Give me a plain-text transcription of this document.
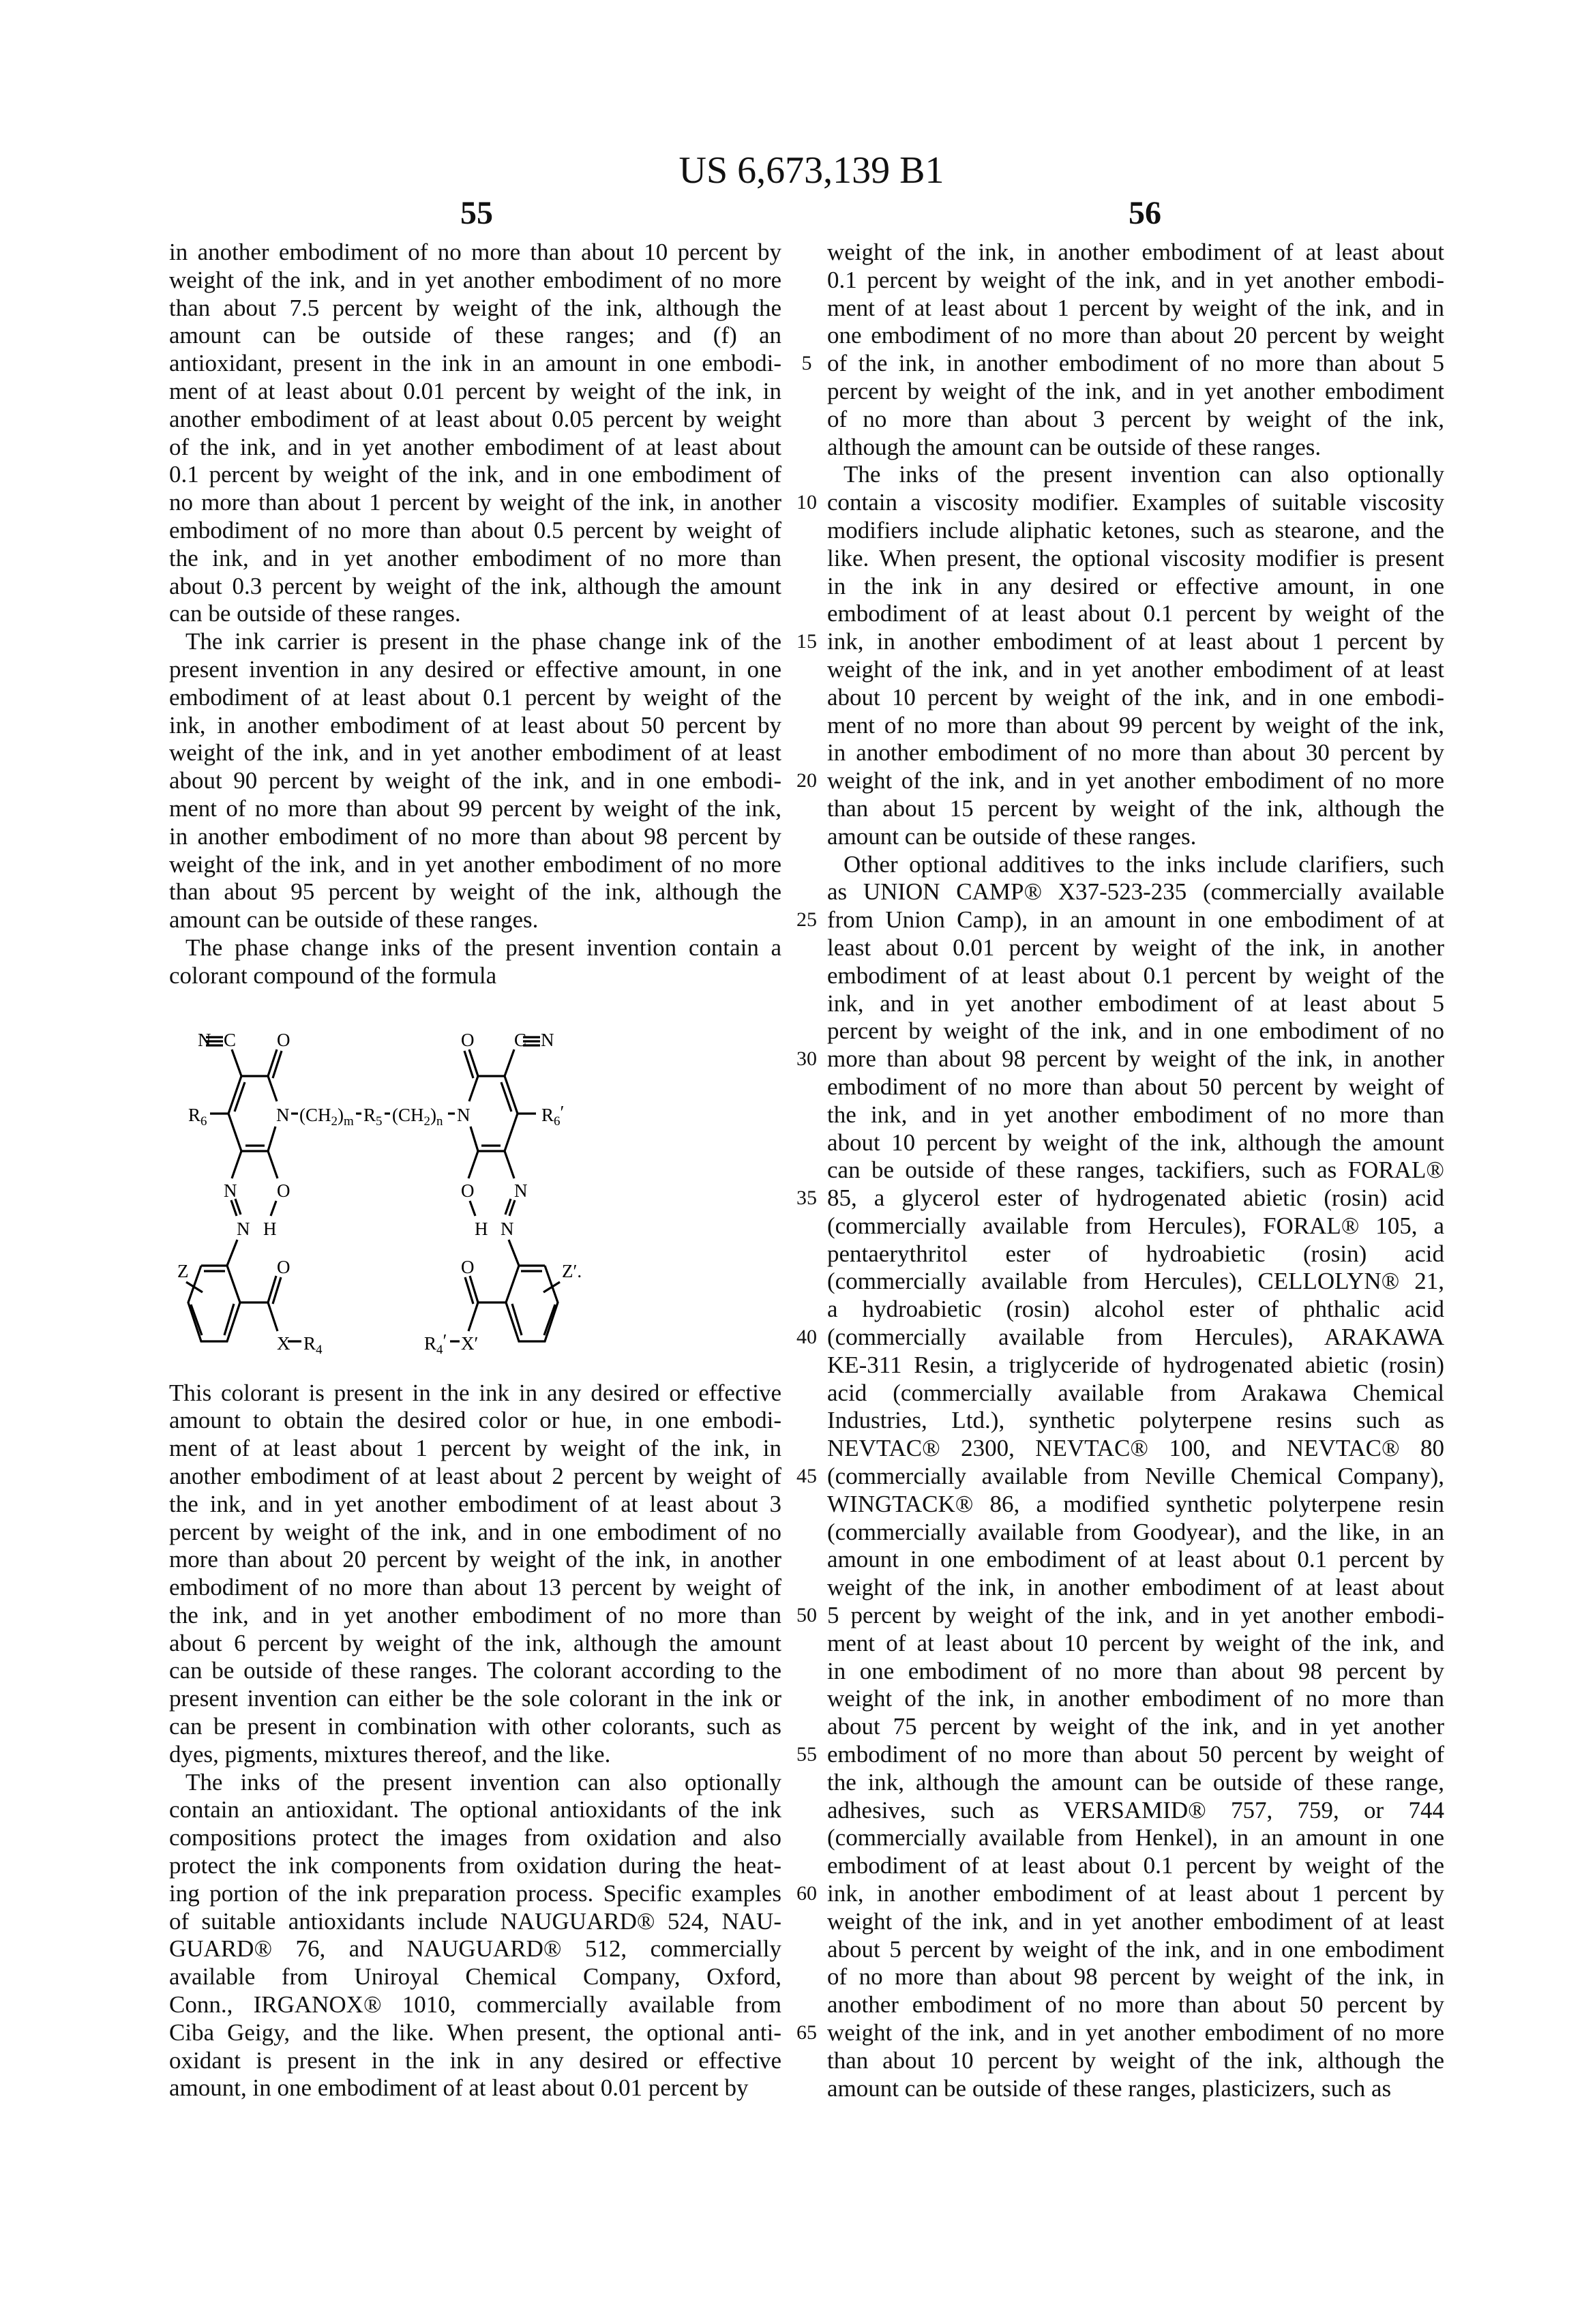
US 6,673,139 B1
55	56
in another embodiment of no more than about 10 percent by
weight of the ink, and in yet another embodiment of no more
than about 7.5 percent by weight of the ink, although the
amount can be outside of these ranges; and (f) an
antioxidant, present in the ink in an amount in one embodi-
ment of at least about 0.01 percent by weight of the ink, in
another embodiment of at least about 0.05 percent by weight
of the ink, and in yet another embodiment of at least about
0.1 percent by weight of the ink, and in one embodiment of
no more than about 1 percent by weight of the ink, in another
embodiment of no more than about 0.5 percent by weight of
the ink, and in yet another embodiment of no more than
about 0.3 percent by weight of the ink, although the amount
can be outside of these ranges.
The ink carrier is present in the phase change ink of the
present invention in any desired or effective amount, in one
embodiment of at least about 0.1 percent by weight of the
ink, in another embodiment of at least about 50 percent by
weight of the ink, and in yet another embodiment of at least
about 90 percent by weight of the ink, and in one embodi-
ment of no more than about 99 percent by weight of the ink,
in another embodiment of no more than about 98 percent by
weight of the ink, and in yet another embodiment of no more
than about 95 percent by weight of the ink, although the
amount can be outside of these ranges.
The phase change inks of the present invention contain a
colorant compound of the formula
This colorant is present in the ink in any desired or effective
amount to obtain the desired color or hue, in one embodi-
ment of at least about 1 percent by weight of the ink, in
another embodiment of at least about 2 percent by weight of
the ink, and in yet another embodiment of at least about 3
percent by weight of the ink, and in one embodiment of no
more than about 20 percent by weight of the ink, in another
embodiment of no more than about 13 percent by weight of
the ink, and in yet another embodiment of no more than
about 6 percent by weight of the ink, although the amount
can be outside of these ranges. The colorant according to the
present invention can either be the sole colorant in the ink or
can be present in combination with other colorants, such as
dyes, pigments, mixtures thereof, and the like.
The inks of the present invention can also optionally
contain an antioxidant. The optional antioxidants of the ink
compositions protect the images from oxidation and also
protect the ink components from oxidation during the heat-
ing portion of the ink preparation process. Specific examples
of suitable antioxidants include NAUGUARD® 524, NAU-
GUARD® 76, and NAUGUARD® 512, commercially
available from Uniroyal Chemical Company, Oxford,
Conn., IRGANOX® 1010, commercially available from
Ciba Geigy, and the like. When present, the optional anti-
oxidant is present in the ink in any desired or effective
amount, in one embodiment of at least about 0.01 percent by
weight of the ink, in another embodiment of at least about
0.1 percent by weight of the ink, and in yet another embodi-
ment of at least about 1 percent by weight of the ink, and in
one embodiment of no more than about 20 percent by weight
of the ink, in another embodiment of no more than about 5
percent by weight of the ink, and in yet another embodiment
of no more than about 3 percent by weight of the ink,
although the amount can be outside of these ranges.
The inks of the present invention can also optionally
contain a viscosity modifier. Examples of suitable viscosity
modifiers include aliphatic ketones, such as stearone, and the
like. When present, the optional viscosity modifier is present
in the ink in any desired or effective amount, in one
embodiment of at least about 0.1 percent by weight of the
ink, in another embodiment of at least about 1 percent by
weight of the ink, and in yet another embodiment of at least
about 10 percent by weight of the ink, and in one embodi-
ment of no more than about 99 percent by weight of the ink,
in another embodiment of no more than about 30 percent by
weight of the ink, and in yet another embodiment of no more
than about 15 percent by weight of the ink, although the
amount can be outside of these ranges.
Other optional additives to the inks include clarifiers, such
as UNION CAMP® X37-523-235 (commercially available
from Union Camp), in an amount in one embodiment of at
least about 0.01 percent by weight of the ink, in another
embodiment of at least about 0.1 percent by weight of the
ink, and in yet another embodiment of at least about 5
percent by weight of the ink, and in one embodiment of no
more than about 98 percent by weight of the ink, in another
embodiment of no more than about 50 percent by weight of
the ink, and in yet another embodiment of no more than
about 10 percent by weight of the ink, although the amount
can be outside of these ranges, tackifiers, such as FORAL®
85, a glycerol ester of hydrogenated abietic (rosin) acid
(commercially available from Hercules), FORAL® 105, a
pentaerythritol ester of hydroabietic (rosin) acid
(commercially available from Hercules), CELLOLYN® 21,
a hydroabietic (rosin) alcohol ester of phthalic acid
(commercially available from Hercules), ARAKAWA
KE-311 Resin, a triglyceride of hydrogenated abietic (rosin)
acid (commercially available from Arakawa Chemical
Industries, Ltd.), synthetic polyterpene resins such as
NEVTAC® 2300, NEVTAC® 100, and NEVTAC® 80
(commercially available from Neville Chemical Company),
WINGTACK® 86, a modified synthetic polyterpene resin
(commercially available from Goodyear), and the like, in an
amount in one embodiment of at least about 0.1 percent by
weight of the ink, in another embodiment of at least about
5 percent by weight of the ink, and in yet another embodi-
ment of at least about 10 percent by weight of the ink, and
in one embodiment of no more than about 98 percent by
weight of the ink, in another embodiment of no more than
about 75 percent by weight of the ink, and in yet another
embodiment of no more than about 50 percent by weight of
the ink, although the amount can be outside of these range,
adhesives, such as VERSAMID® 757, 759, or 744
(commercially available from Henkel), in an amount in one
embodiment of at least about 0.1 percent by weight of the
ink, in another embodiment of at least about 1 percent by
weight of the ink, and in yet another embodiment of at least
about 5 percent by weight of the ink, and in one embodiment
of no more than about 98 percent by weight of the ink, in
another embodiment of no more than about 50 percent by
weight of the ink, and in yet another embodiment of no more
than about 10 percent by weight of the ink, although the
amount can be outside of these ranges, plasticizers, such as
N C O
R6	N (CH2)m R5 (CH2)n N
N O
N H
Z	O
X R4
O C N
R6′
O N
H N
O	Z′.
R4′ X′
5
10
15
20
25
30
35
40
45
50
55
60
65
